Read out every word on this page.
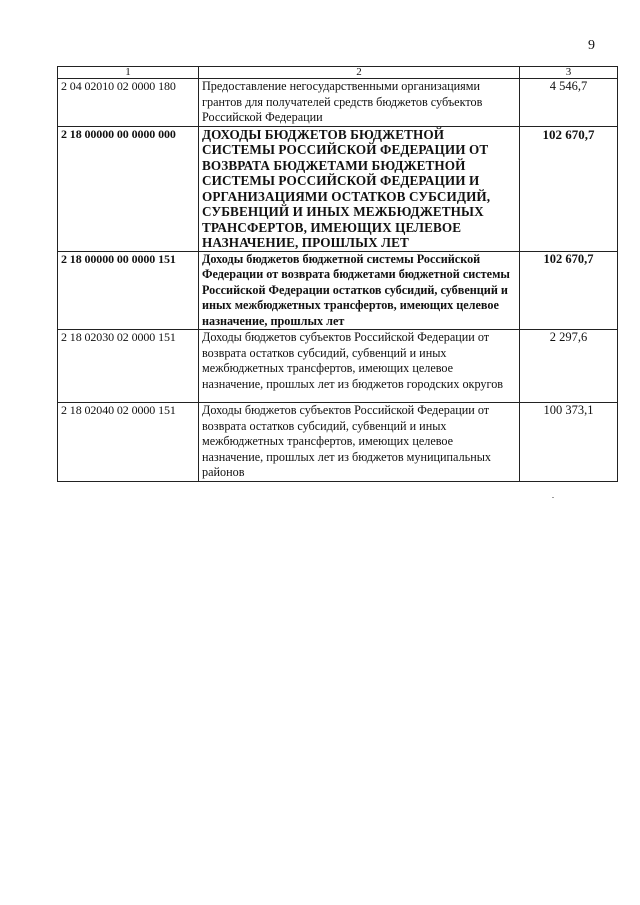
9
1	2	3
2 04 02010 02 0000 180	Предоставление негосударственными организациями грантов для получателей средств бюджетов субъектов Российской Федерации	4 546,7
2 18 00000 00 0000 000	ДОХОДЫ БЮДЖЕТОВ БЮДЖЕТНОЙ СИСТЕМЫ РОССИЙСКОЙ ФЕДЕРАЦИИ ОТ ВОЗВРАТА БЮДЖЕТАМИ БЮДЖЕТНОЙ СИСТЕМЫ РОССИЙСКОЙ ФЕДЕРАЦИИ И ОРГАНИЗАЦИЯМИ ОСТАТКОВ СУБСИДИЙ, СУБВЕНЦИЙ И ИНЫХ МЕЖБЮДЖЕТНЫХ ТРАНСФЕРТОВ, ИМЕЮЩИХ ЦЕЛЕВОЕ НАЗНАЧЕНИЕ, ПРОШЛЫХ ЛЕТ	102 670,7
2 18 00000 00 0000 151	Доходы бюджетов бюджетной системы Российской Федерации от возврата бюджетами бюджетной системы Российской Федерации остатков субсидий, субвенций и иных межбюджетных трансфертов, имеющих целевое назначение, прошлых лет	102 670,7
2 18 02030 02 0000 151	Доходы бюджетов субъектов Российской Федерации от возврата остатков субсидий, субвенций и иных межбюджетных трансфертов, имеющих целевое назначение, прошлых лет из бюджетов городских округов	2 297,6
2 18 02040 02 0000 151	Доходы бюджетов субъектов Российской Федерации от возврата остатков субсидий, субвенций и иных межбюджетных трансфертов, имеющих целевое назначение, прошлых лет из бюджетов муниципальных районов	100 373,1
